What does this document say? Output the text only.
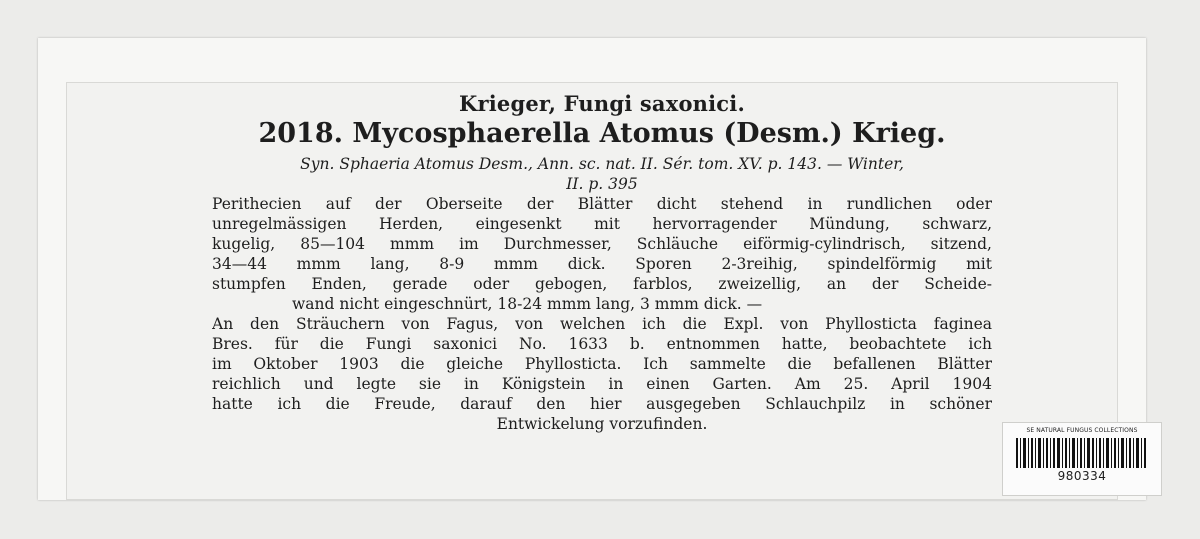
Krieger, Fungi saxonici.
2018. Mycosphaerella Atomus (Desm.) Krieg.
Syn. Sphaeria Atomus Desm., Ann. sc. nat. II. Sér. tom. XV. p. 143. — Winter,
II. p. 395
Perithecien auf der Oberseite der Blätter dicht stehend in rundlichen oder
unregelmässigen Herden, eingesenkt mit hervorragender Mündung, schwarz,
kugelig, 85—104 mmm im Durchmesser, Schläuche eiförmig-cylindrisch, sitzend,
34—44 mmm lang, 8-9 mmm dick. Sporen 2-3reihig, spindelförmig mit
stumpfen Enden, gerade oder gebogen, farblos, zweizellig, an der Scheide-
wand nicht eingeschnürt, 18-24 mmm lang, 3 mmm dick. —
An den Sträuchern von Fagus, von welchen ich die Expl. von Phyllosticta faginea
Bres. für die Fungi saxonici No. 1633 b. entnommen hatte, beobachtete ich
im Oktober 1903 die gleiche Phyllosticta. Ich sammelte die befallenen Blätter
reichlich und legte sie in Königstein in einen Garten. Am 25. April 1904
hatte ich die Freude, darauf den hier ausgegeben Schlauchpilz in schöner
Entwickelung vorzufinden.	SE NATURAL FUNGUS COLLECTIONS
980334
